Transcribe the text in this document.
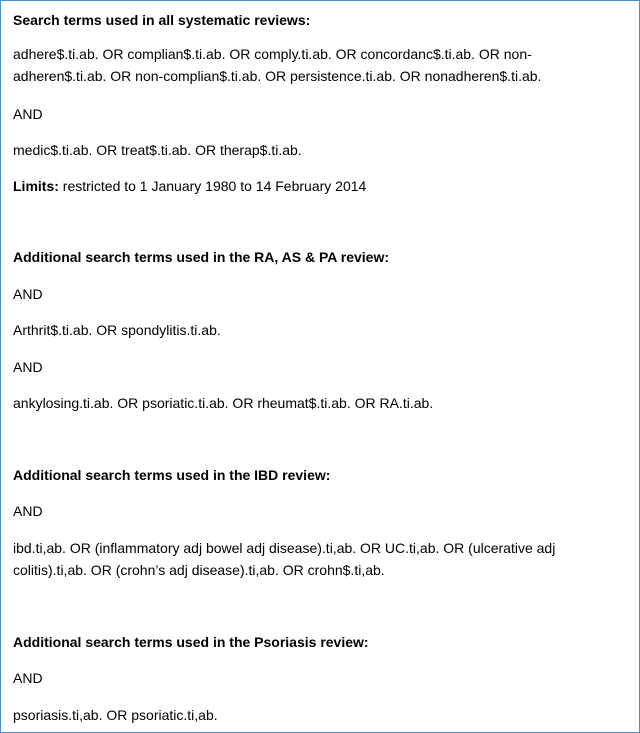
Search terms used in all systematic reviews:
adhere$.ti.ab. OR complian$.ti.ab. OR comply.ti.ab. OR concordanc$.ti.ab. OR non-
adheren$.ti.ab. OR non-complian$.ti.ab. OR persistence.ti.ab. OR nonadheren$.ti.ab.
AND
medic$.ti.ab. OR treat$.ti.ab. OR therap$.ti.ab.
Limits: restricted to 1 January 1980 to 14 February 2014
Additional search terms used in the RA, AS & PA review:
AND
Arthrit$.ti.ab. OR spondylitis.ti.ab.
AND
ankylosing.ti.ab. OR psoriatic.ti.ab. OR rheumat$.ti.ab. OR RA.ti.ab.
Additional search terms used in the IBD review:
AND
ibd.ti,ab. OR (inflammatory adj bowel adj disease).ti,ab. OR UC.ti,ab. OR (ulcerative adj
colitis).ti,ab. OR (crohn’s adj disease).ti,ab. OR crohn$.ti,ab.
Additional search terms used in the Psoriasis review:
AND
psoriasis.ti,ab. OR psoriatic.ti,ab.
